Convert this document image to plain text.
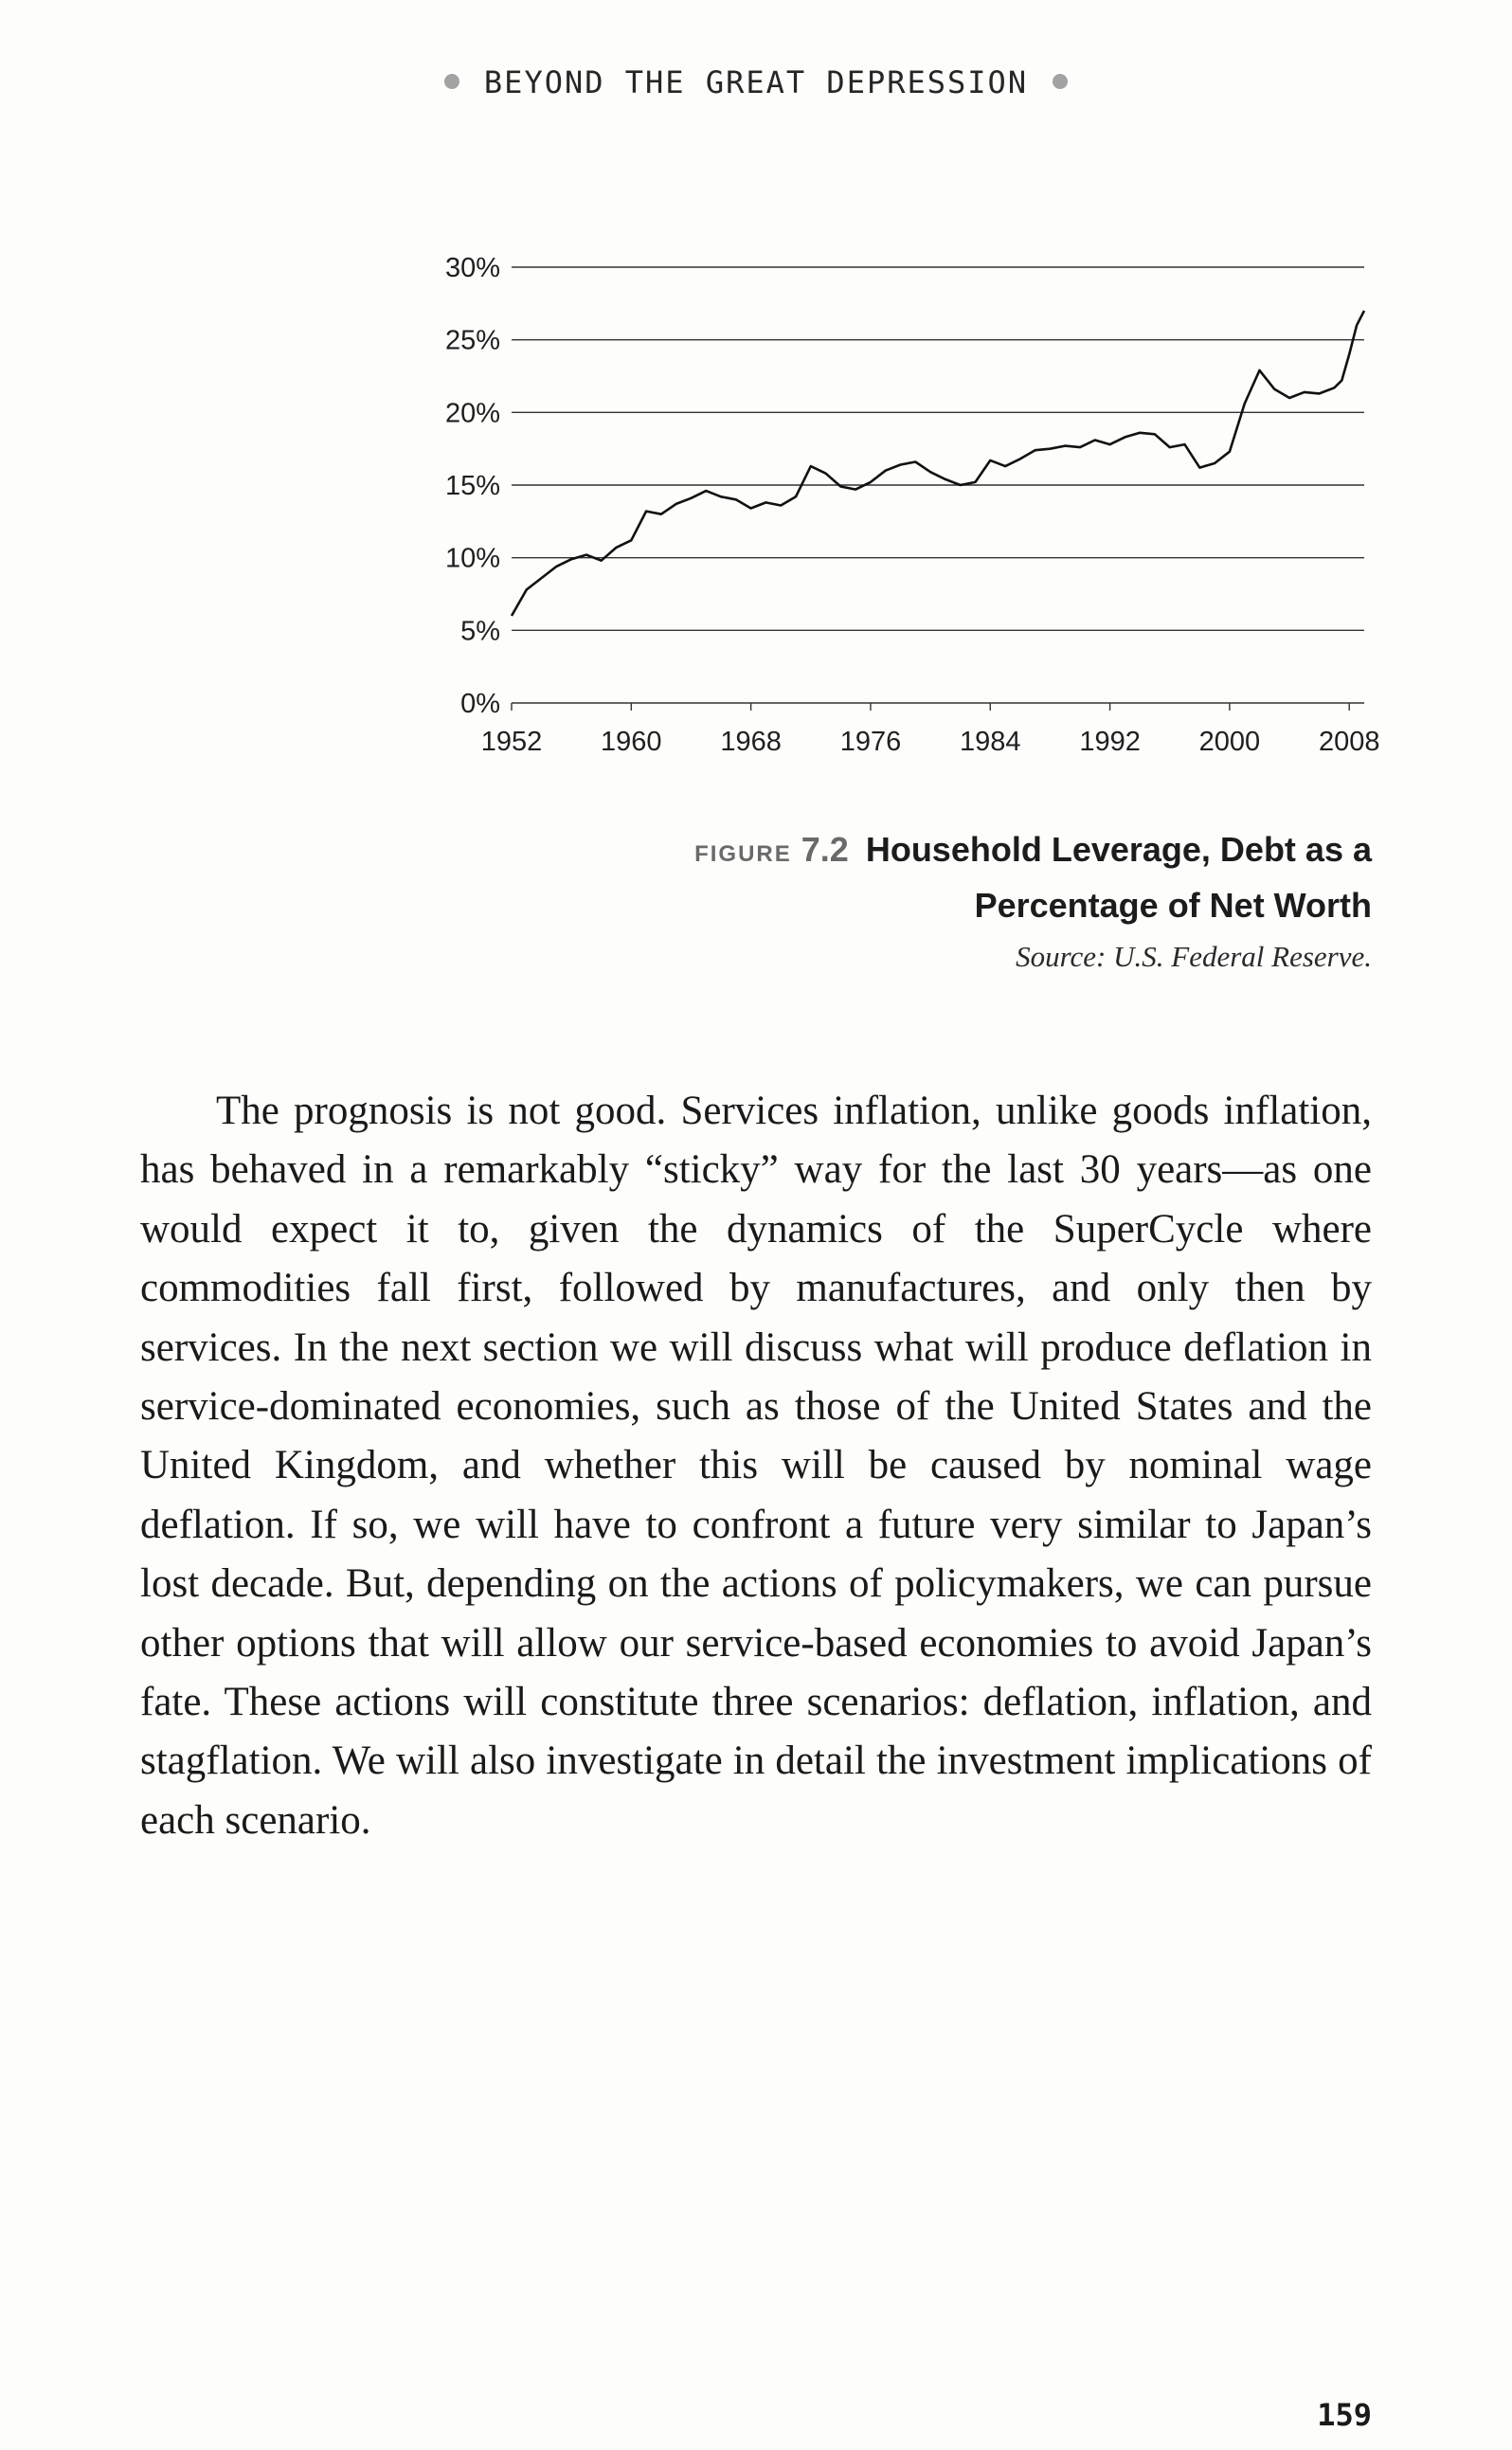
BEYOND THE GREAT DEPRESSION
30%
25%
20%
15%
10%
5%
0%
1952 1960 1968 1976 1984 1992 2000 2008
FIGURE 7.2 Household Leverage, Debt as a
Percentage of Net Worth
Source: U.S. Federal Reserve.

The prognosis is not good. Services inflation, unlike goods inflation, has behaved in a remarkably “sticky” way for the last 30 years—as one would expect it to, given the dynamics of the SuperCycle where commodities fall first, followed by manufactures, and only then by services. In the next section we will discuss what will produce deflation in service-dominated economies, such as those of the United States and the United Kingdom, and whether this will be caused by nominal wage deflation. If so, we will have to confront a future very similar to Japan’s lost decade. But, depending on the actions of policymakers, we can pursue other options that will allow our service-based economies to avoid Japan’s fate. These actions will constitute three scenarios: deflation, inflation, and stagflation. We will also investigate in detail the investment implications of each scenario.

159
